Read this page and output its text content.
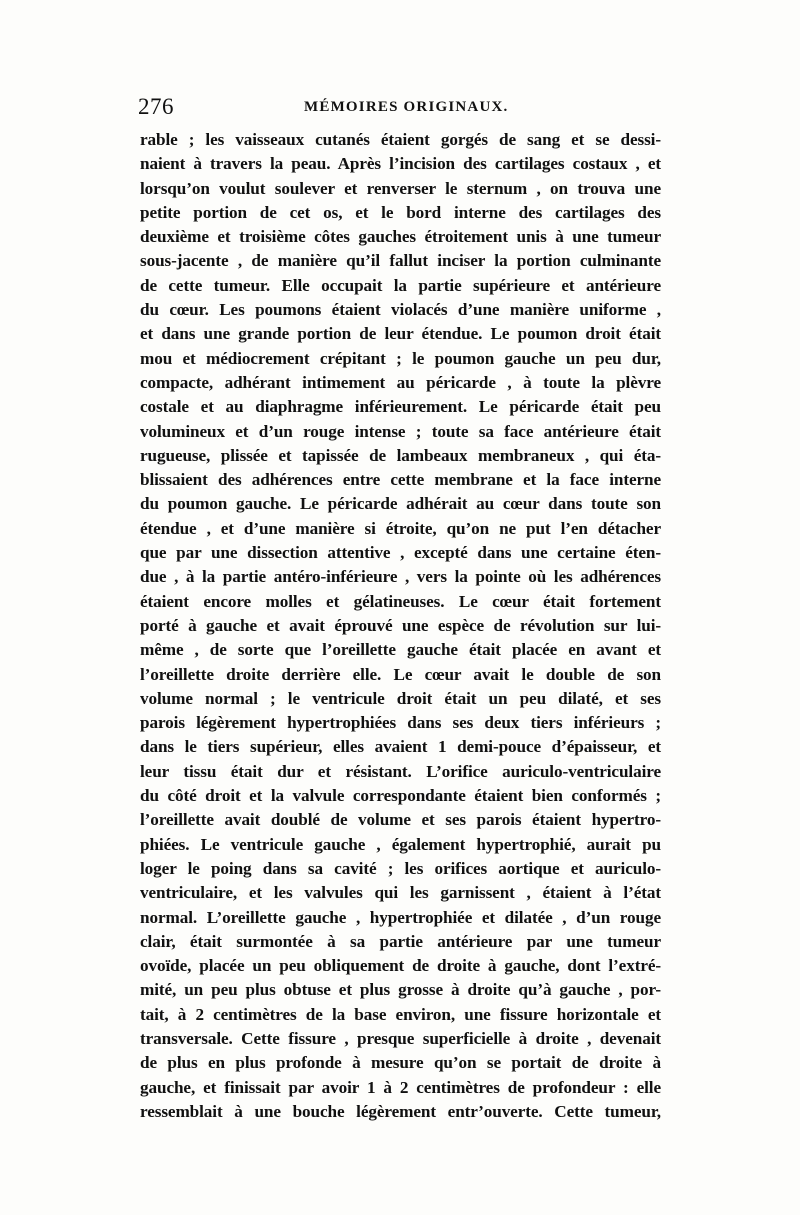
276	MÉMOIRES ORIGINAUX.
rable ; les vaisseaux cutanés étaient gorgés de sang et se dessi-
naient à travers la peau. Après l’incision des cartilages costaux , et
lorsqu’on voulut soulever et renverser le sternum , on trouva une
petite portion de cet os, et le bord interne des cartilages des
deuxième et troisième côtes gauches étroitement unis à une tumeur
sous-jacente , de manière qu’il fallut inciser la portion culminante
de cette tumeur. Elle occupait la partie supérieure et antérieure
du cœur. Les poumons étaient violacés d’une manière uniforme ,
et dans une grande portion de leur étendue. Le poumon droit était
mou et médiocrement crépitant ; le poumon gauche un peu dur,
compacte, adhérant intimement au péricarde , à toute la plèvre
costale et au diaphragme inférieurement. Le péricarde était peu
volumineux et d’un rouge intense ; toute sa face antérieure était
rugueuse, plissée et tapissée de lambeaux membraneux , qui éta-
blissaient des adhérences entre cette membrane et la face interne
du poumon gauche. Le péricarde adhérait au cœur dans toute son
étendue , et d’une manière si étroite, qu’on ne put l’en détacher
que par une dissection attentive , excepté dans une certaine éten-
due , à la partie antéro-inférieure , vers la pointe où les adhérences
étaient encore molles et gélatineuses. Le cœur était fortement
porté à gauche et avait éprouvé une espèce de révolution sur lui-
même , de sorte que l’oreillette gauche était placée en avant et
l’oreillette droite derrière elle. Le cœur avait le double de son
volume normal ; le ventricule droit était un peu dilaté, et ses
parois légèrement hypertrophiées dans ses deux tiers inférieurs ;
dans le tiers supérieur, elles avaient 1 demi-pouce d’épaisseur, et
leur tissu était dur et résistant. L’orifice auriculo-ventriculaire
du côté droit et la valvule correspondante étaient bien conformés ;
l’oreillette avait doublé de volume et ses parois étaient hypertro-
phiées. Le ventricule gauche , également hypertrophié, aurait pu
loger le poing dans sa cavité ; les orifices aortique et auriculo-
ventriculaire, et les valvules qui les garnissent , étaient à l’état
normal. L’oreillette gauche , hypertrophiée et dilatée , d’un rouge
clair, était surmontée à sa partie antérieure par une tumeur
ovoïde, placée un peu obliquement de droite à gauche, dont l’extré-
mité, un peu plus obtuse et plus grosse à droite qu’à gauche , por-
tait, à 2 centimètres de la base environ, une fissure horizontale et
transversale. Cette fissure , presque superficielle à droite , devenait
de plus en plus profonde à mesure qu’on se portait de droite à
gauche, et finissait par avoir 1 à 2 centimètres de profondeur : elle
ressemblait à une bouche légèrement entr’ouverte. Cette tumeur,
